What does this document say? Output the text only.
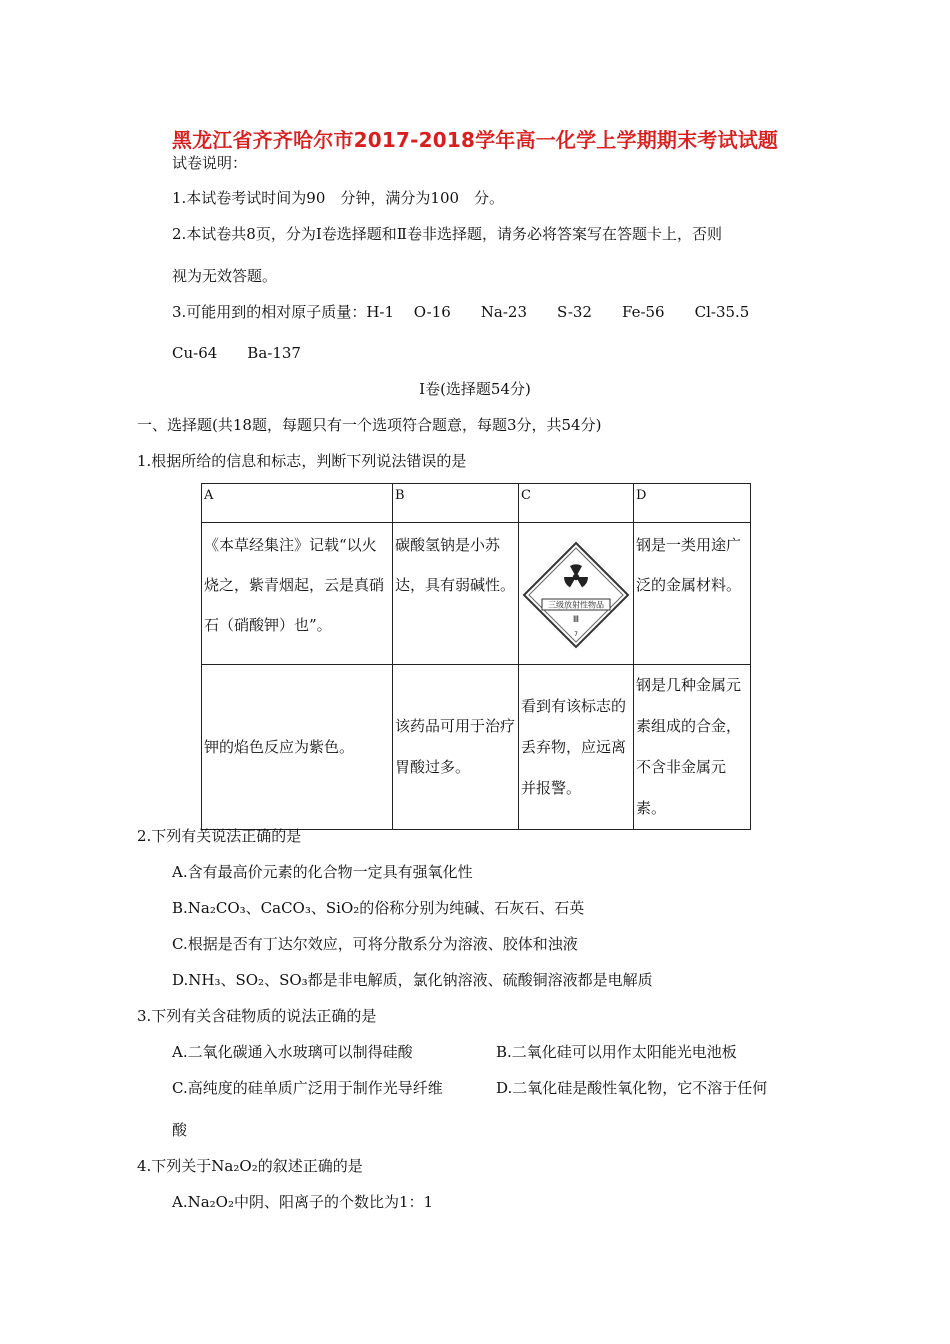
黑龙江省齐齐哈尔市2017-2018学年高一化学上学期期末考试试题
试卷说明：
1.本试卷考试时间为90　分钟，满分为100　分。
2.本试卷共8页，分为Ⅰ卷选择题和Ⅱ卷非选择题，请务必将答案写在答题卡上，否则
视为无效答题。
3.可能用到的相对原子质量：H-1　 O-16　　Na-23　　S-32　　Fe-56　　Cl-35.5
Cu-64　　Ba-137
Ⅰ卷(选择题54分)
一、选择题(共18题，每题只有一个选项符合题意，每题3分，共54分)
1.根据所给的信息和标志，判断下列说法错误的是
A	B	C	D
《本草经集注》记载“以火烧之，紫青烟起，云是真硝石（硝酸钾）也”。	碳酸氢钠是小苏达，具有弱碱性。	三级放射性物品
Ⅲ
7	钢是一类用途广泛的金属材料。
钾的焰色反应为紫色。	该药品可用于治疗胃酸过多。	看到有该标志的丢弃物，应远离并报警。	钢是几种金属元素组成的合金，不含非金属元素。
2.下列有关说法正确的是
A.含有最高价元素的化合物一定具有强氧化性
B.Na₂CO₃、CaCO₃、SiO₂的俗称分别为纯碱、石灰石、石英
C.根据是否有丁达尔效应，可将分散系分为溶液、胶体和浊液
D.NH₃、SO₂、SO₃都是非电解质，氯化钠溶液、硫酸铜溶液都是电解质
3.下列有关含硅物质的说法正确的是
A.二氧化碳通入水玻璃可以制得硅酸	B.二氧化硅可以用作太阳能光电池板
C.高纯度的硅单质广泛用于制作光导纤维	D.二氧化硅是酸性氧化物，它不溶于任何
酸
4.下列关于Na₂O₂的叙述正确的是
A.Na₂O₂中阴、阳离子的个数比为1：1
